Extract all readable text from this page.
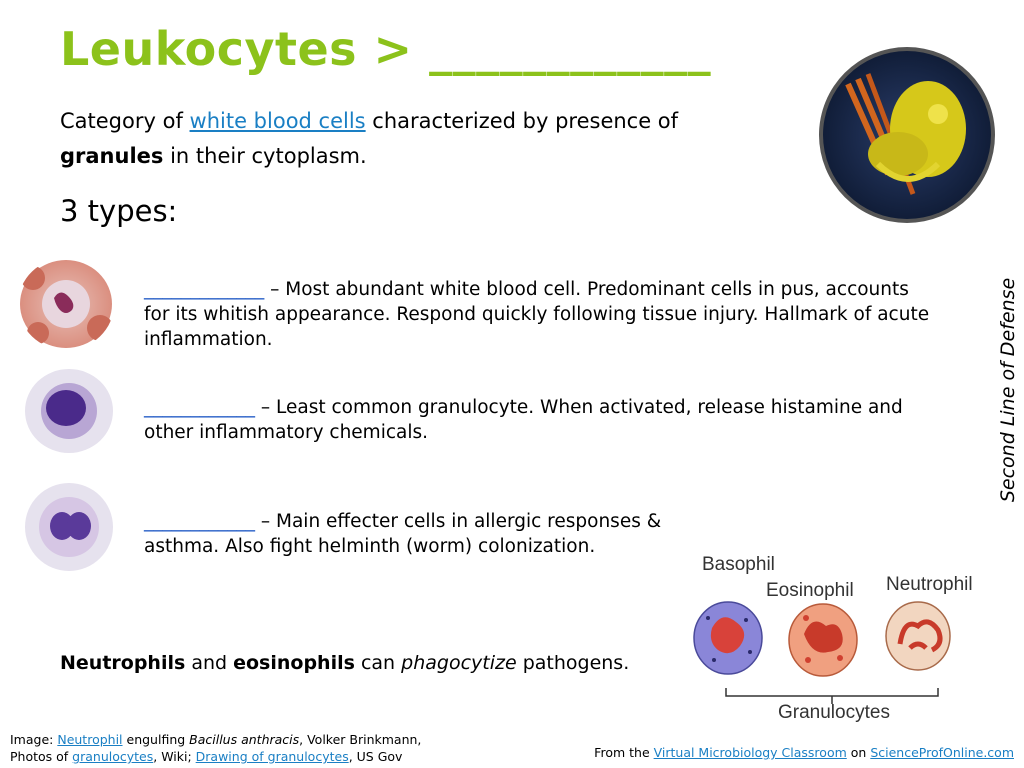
Leukocytes > ____________
Category of white blood cells characterized by presence of granules in their cytoplasm.
3 types:
_____________ – Most abundant white blood cell. Predominant cells in pus, accounts for its whitish appearance. Respond quickly following tissue injury. Hallmark of acute inflammation.
____________ – Least common granulocyte. When activated, release histamine and other inflammatory chemicals.
____________ – Main effecter cells in allergic responses & asthma. Also fight helminth (worm) colonization.
Second Line of Defense
Basophil
Eosinophil Neutrophil
Granulocytes
Neutrophils and eosinophils can phagocytize pathogens.
Image: Neutrophil engulfing Bacillus anthracis, Volker Brinkmann,
Photos of granulocytes, Wiki; Drawing of granulocytes, US Gov	From the Virtual Microbiology Classroom on ScienceProfOnline.com
